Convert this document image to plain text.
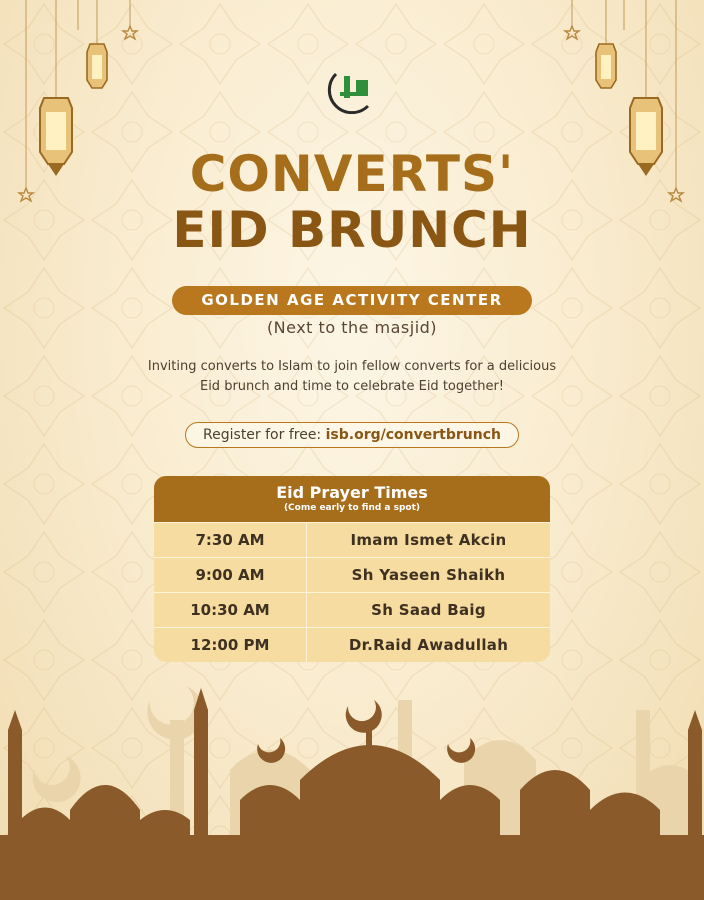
CONVERTS'
EID BRUNCH
GOLDEN AGE ACTIVITY CENTER
(Next to the masjid)
Inviting converts to Islam to join fellow converts for a delicious
Eid brunch and time to celebrate Eid together!
Register for free: isb.org/convertbrunch
Eid Prayer Times
(Come early to find a spot)
7:30 AM	Imam Ismet Akcin
9:00 AM	Sh Yaseen Shaikh
10:30 AM	Sh Saad Baig
12:00 PM	Dr.Raid Awadullah
